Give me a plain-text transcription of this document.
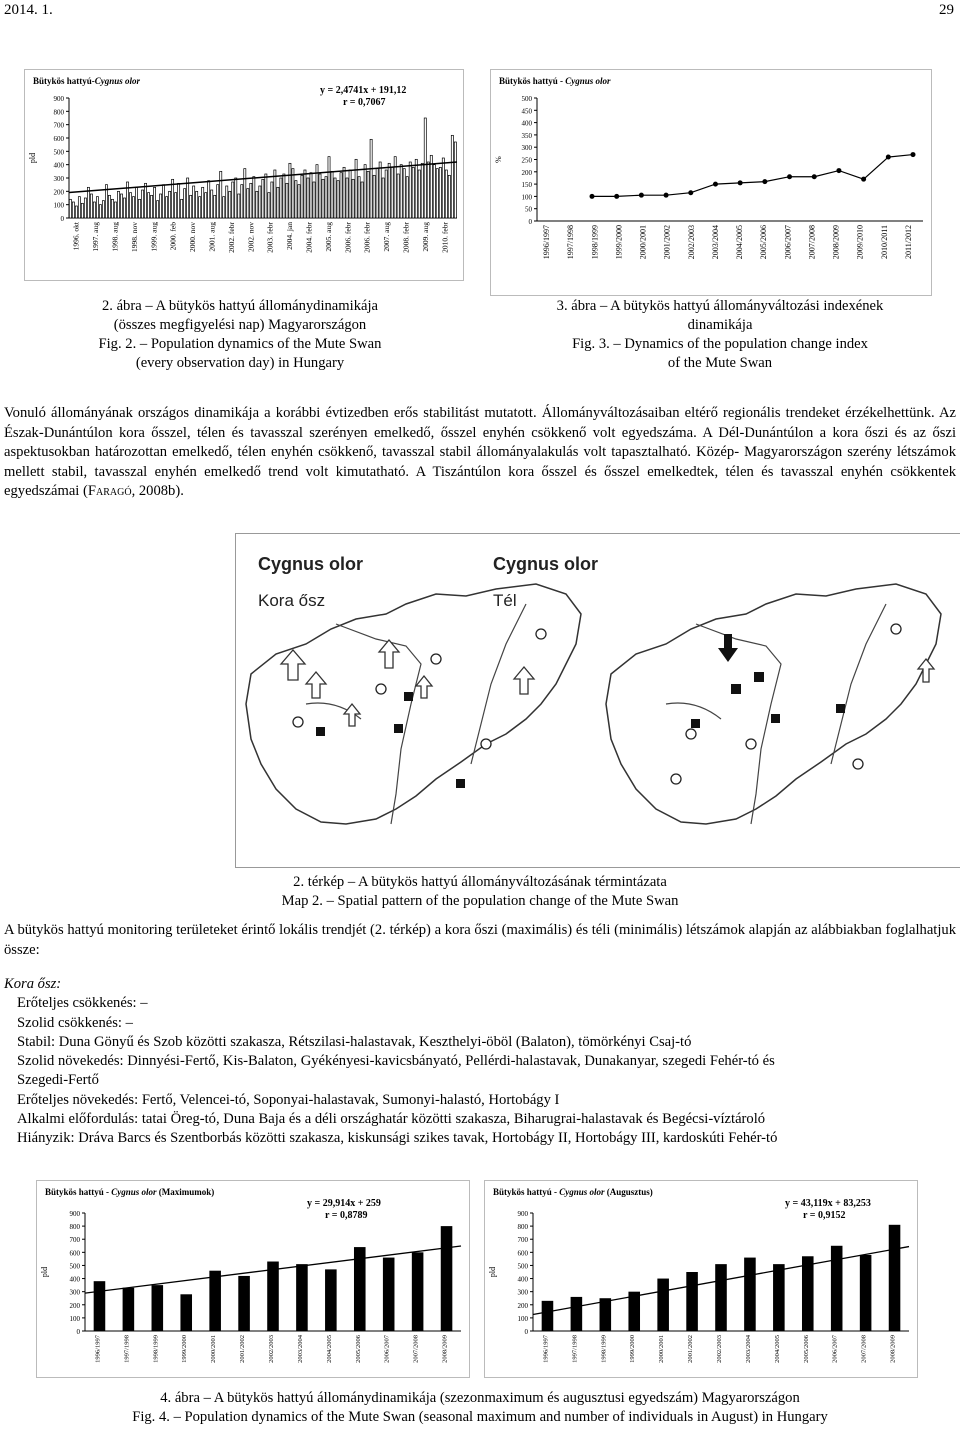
2014. 1.	29
Bütykös hattyú-Cygnus olor
0
100
200
300
400
500
600
700
800
900
pld
y = 2,4741x + 191,12
r = 0,7067
1996. okt 1997. aug 1998. aug 1998. nov 1999. aug 2000. feb 2000. nov 2001. aug 2002. febr 2002. nov 2003. febr 2004. jan 2004. febr 2005. aug 2006. febr 2006. febr 2007. aug 2008. febr 2009. aug 2010. febr
Bütykös hattyú - Cygnus olor
0
50
100
150
200
250
300
350
400
450
500
%
1996/1997 1997/1998 1998/1999 1999/2000 2000/2001 2001/2002 2002/2003 2003/2004 2004/2005 2005/2006 2006/2007 2007/2008 2008/2009 2009/2010 2010/2011 2011/2012
2. ábra – A bütykös hattyú állománydinamikája
(összes megfigyelési nap) Magyarországon
Fig. 2. – Population dynamics of the Mute Swan
(every observation day) in Hungary
3. ábra – A bütykös hattyú állományváltozási indexének
dinamikája
Fig. 3. – Dynamics of the population change index
of the Mute Swan
Vonuló állományának országos dinamikája a korábbi évtizedben erős stabilitást mutatott. Állományváltozásaiban eltérő regionális trendeket érzékelhettünk. Az Észak-Dunántúlon kora ősszel, télen és tavasszal szerényen emelkedő, ősszel enyhén csökkenő volt egyedszáma. A Dél-Dunántúlon a kora őszi és az őszi aspektusokban határozottan emelkedő, télen enyhén csökkenő, tavasszal stabil állományalakulás volt tapasztalható. Közép- Magyarországon szerény létszámok mellett stabil, tavasszal enyhén emelkedő trend volt kimutatható. A Tiszántúlon kora ősszel és ősszel emelkedtek, télen és tavasszal enyhén csökkentek egyedszámai (Faragó, 2008b).
Cygnus olor
Kora ősz
Cygnus olor
Tél
2. térkép – A bütykös hattyú állományváltozásának términtázata
Map 2. – Spatial pattern of the population change of the Mute Swan
A bütykös hattyú monitoring területeket érintő lokális trendjét (2. térkép) a kora őszi (maximális) és téli (minimális) létszámok alapján az alábbiakban foglalhatjuk össze:
Kora ősz:
Erőteljes csökkenés: –
Szolid csökkenés: –
Stabil: Duna Gönyű és Szob közötti szakasza, Rétszilasi-halastavak, Keszthelyi-öböl (Balaton), tömörkényi Csaj-tó
Szolid növekedés: Dinnyési-Fertő, Kis-Balaton, Gyékényesi-kavicsbányató, Pellérdi-halastavak, Dunakanyar, szegedi Fehér-tó és
Szegedi-Fertő
Erőteljes növekedés: Fertő, Velencei-tó, Soponyai-halastavak, Sumonyi-halastó, Hortobágy I
Alkalmi előfordulás: tatai Öreg-tó, Duna Baja és a déli országhatár közötti szakasza, Biharugrai-halastavak és Begécsi-víztároló
Hiányzik: Dráva Barcs és Szentborbás közötti szakasza, kiskunsági szikes tavak, Hortobágy II, Hortobágy III, kardoskúti Fehér-tó
Bütykös hattyú - Cygnus olor (Maximumok)
0
100
200
300
400
500
600
700
800
900
pld
y = 29,914x + 259
r = 0,8789
1996/1997	1997/1998	1998/1999	1999/2000	2000/2001	2001/2002	2002/2003	2003/2004	2004/2005	2005/2006	2006/2007	2007/2008	2008/2009
Bütykös hattyú - Cygnus olor (Augusztus)
0
100
200
300
400
500
600
700
800
900
pld
y = 43,119x + 83,253
r = 0,9152
1996/1997	1997/1998	1998/1999	1999/2000	2000/2001	2001/2002	2002/2003	2003/2004	2004/2005	2005/2006	2006/2007	2007/2008	2008/2009
4. ábra – A bütykös hattyú állománydinamikája (szezonmaximum és augusztusi egyedszám) Magyarországon
Fig. 4. – Population dynamics of the Mute Swan (seasonal maximum and number of individuals in August) in Hungary
